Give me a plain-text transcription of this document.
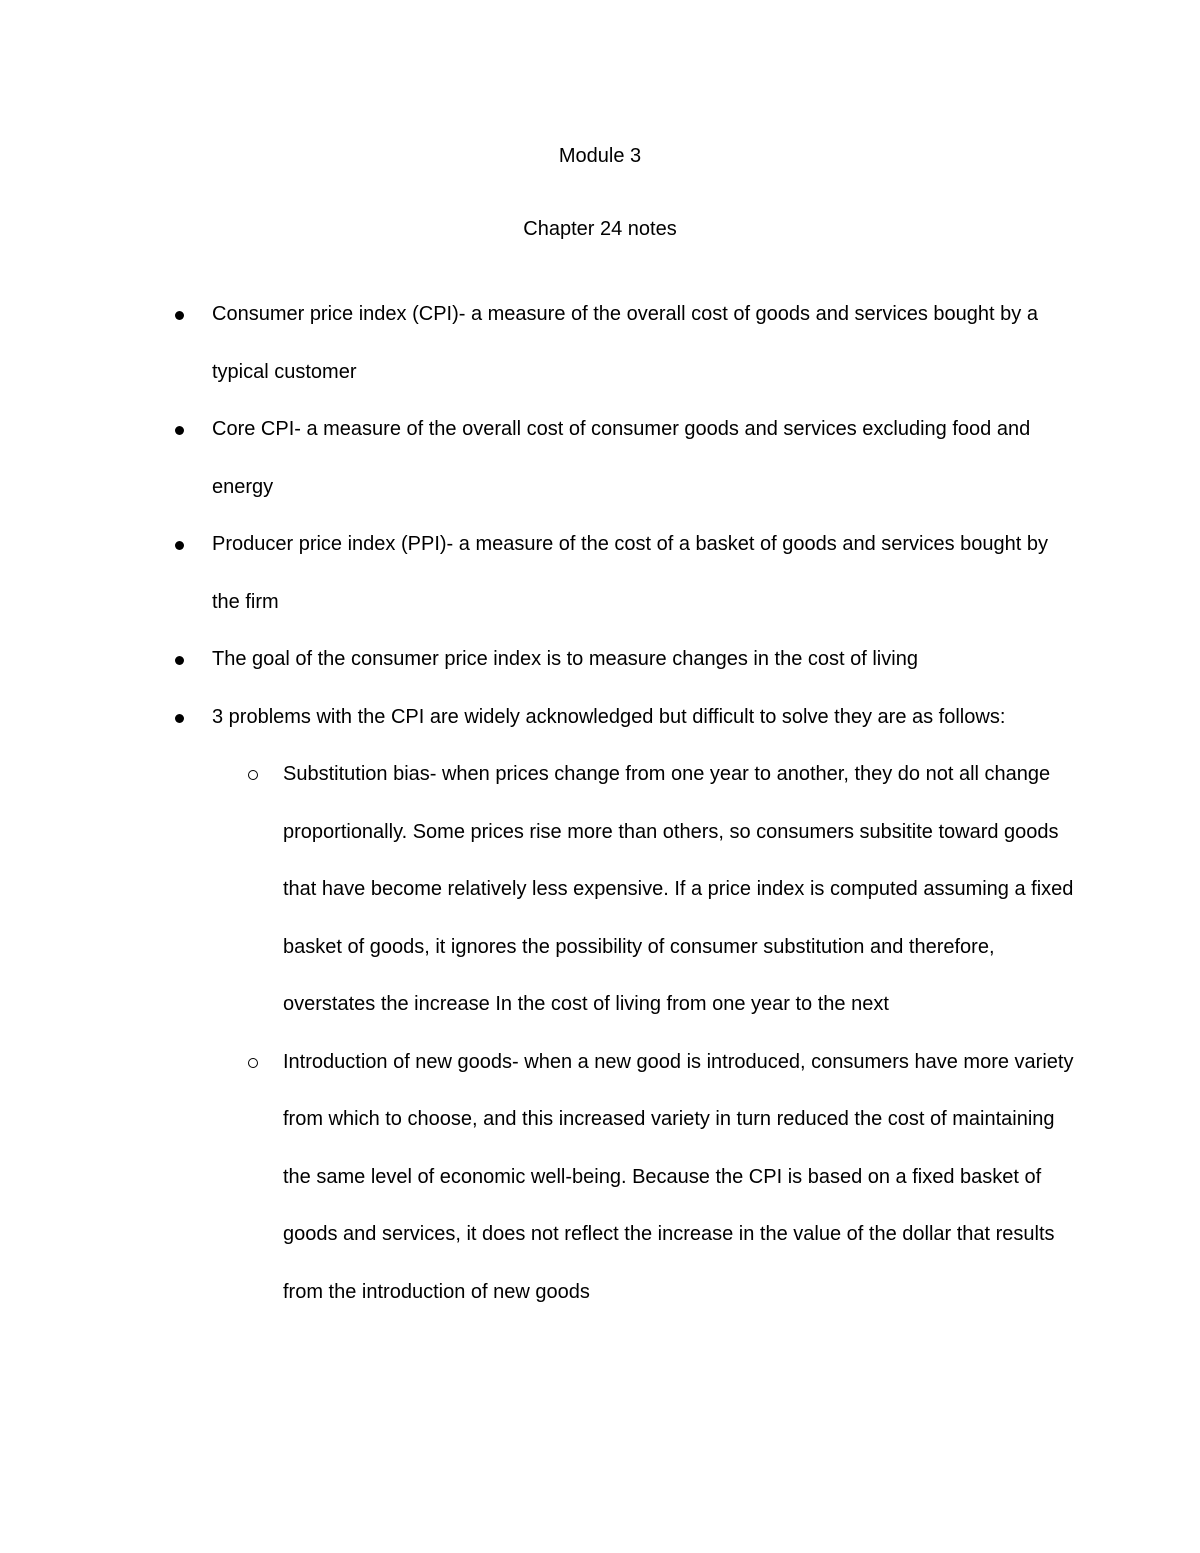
Module 3
Chapter 24 notes
Consumer price index (CPI)- a measure of the overall cost of goods and services bought by a typical customer
Core CPI- a measure of the overall cost of consumer goods and services excluding food and energy
Producer price index (PPI)- a measure of the cost of a basket of goods and services bought by the firm
The goal of the consumer price index is to measure changes in the cost of living
3 problems with the CPI are widely acknowledged but difficult to solve they are as follows:
Substitution bias- when prices change from one year to another, they do not all change proportionally. Some prices rise more than others, so consumers subsitite toward goods that have become relatively less expensive. If a price index is computed assuming a fixed basket of goods, it ignores the possibility of consumer substitution and therefore, overstates the increase In the cost of living from one year to the next
Introduction of new goods- when a new good is introduced, consumers have more variety from which to choose, and this increased variety in turn reduced the cost of maintaining the same level of economic well-being. Because the CPI is based on a fixed basket of goods and services, it does not reflect the increase in the value of the dollar that results from the introduction of new goods
